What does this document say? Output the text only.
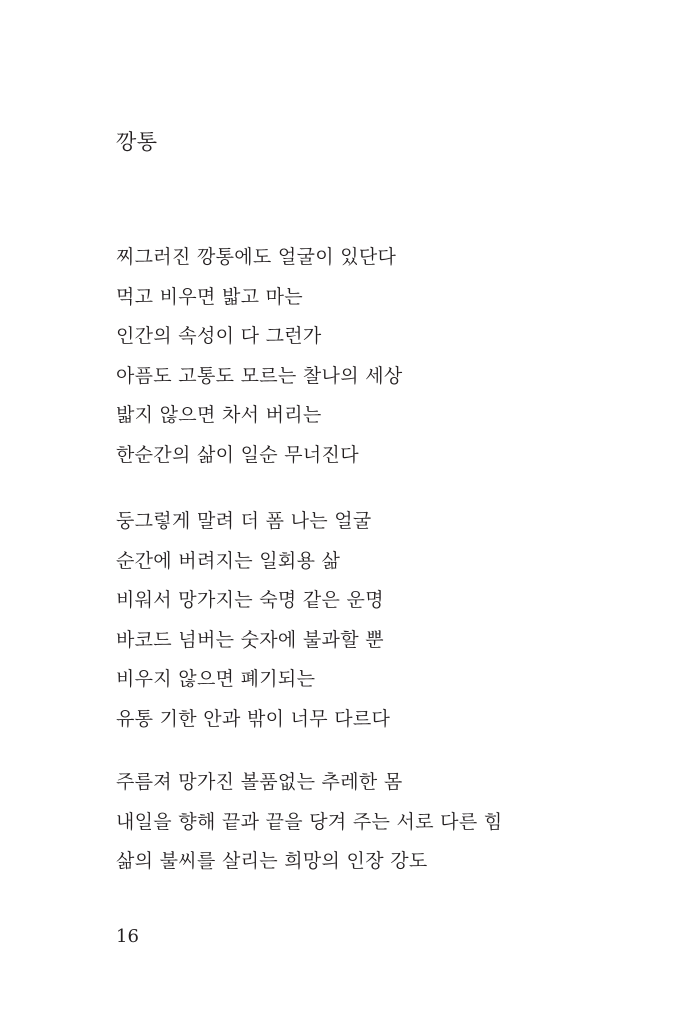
깡통
찌그러진 깡통에도 얼굴이 있단다
먹고 비우면 밟고 마는
인간의 속성이 다 그런가
아픔도 고통도 모르는 찰나의 세상
밟지 않으면 차서 버리는
한순간의 삶이 일순 무너진다
둥그렇게 말려 더 폼 나는 얼굴
순간에 버려지는 일회용 삶
비워서 망가지는 숙명 같은 운명
바코드 넘버는 숫자에 불과할 뿐
비우지 않으면 폐기되는
유통 기한 안과 밖이 너무 다르다
주름져 망가진 볼품없는 추레한 몸
내일을 향해 끝과 끝을 당겨 주는 서로 다른 힘
삶의 불씨를 살리는 희망의 인장 강도
16
